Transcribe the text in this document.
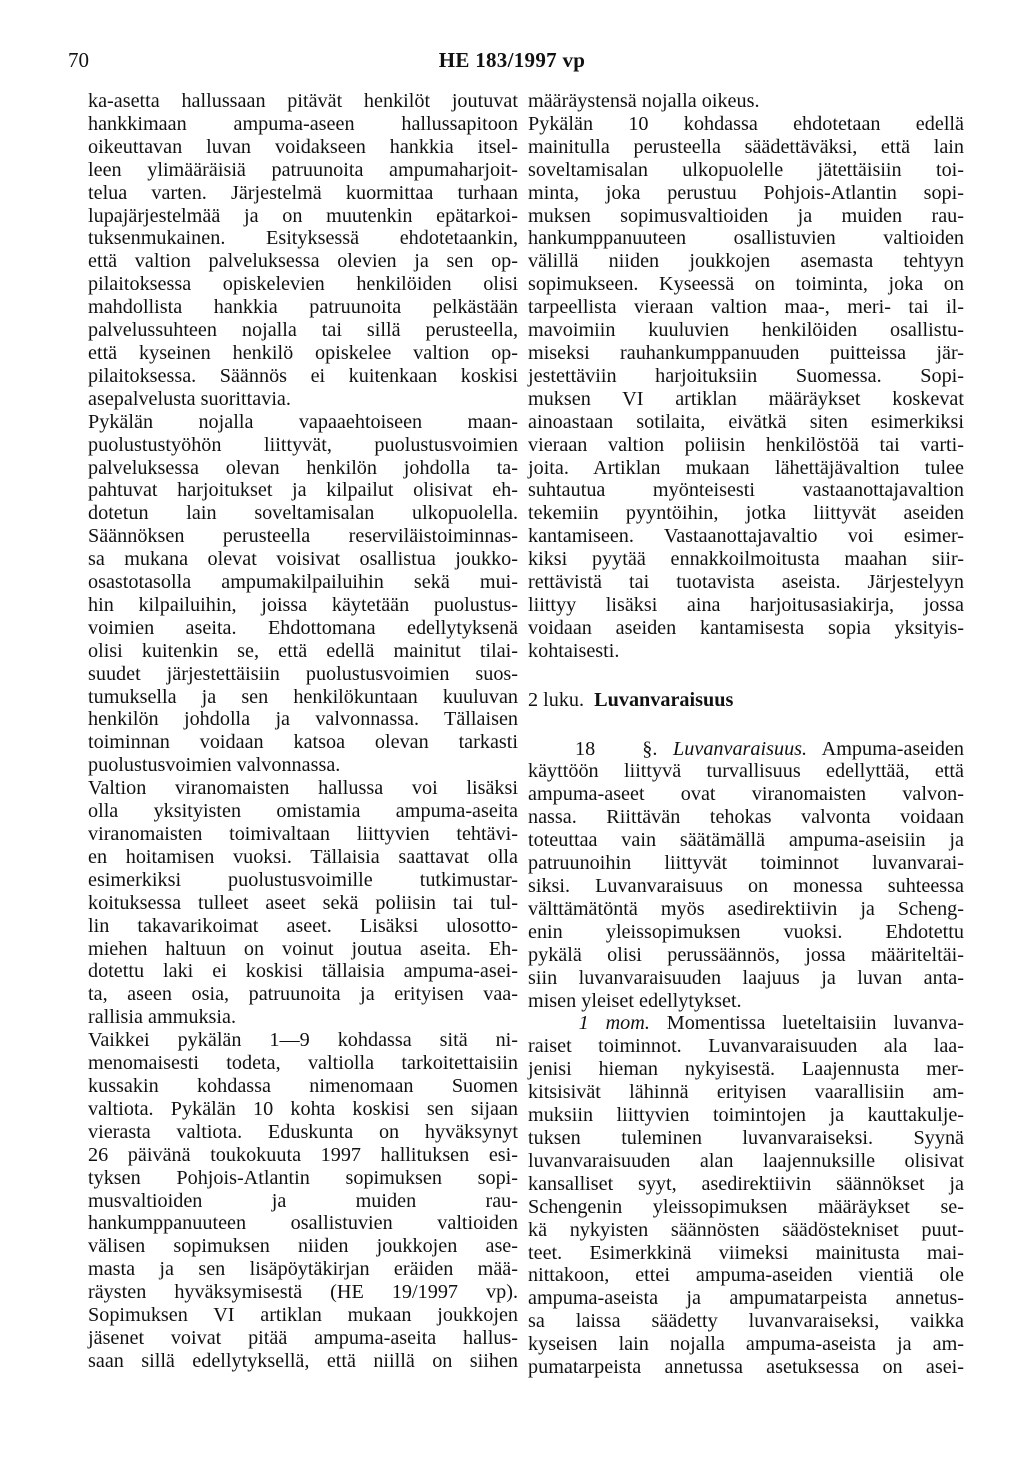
70	HE 183/1997 vp
ka-asetta hallussaan pitävät henkilöt joutuvat
hankkimaan ampuma-aseen hallussapitoon
oikeuttavan luvan voidakseen hankkia itsel-
leen ylimääräisiä patruunoita ampumaharjoit-
telua varten. Järjestelmä kuormittaa turhaan
lupajärjestelmää ja on muutenkin epätarkoi-
tuksenmukainen. Esityksessä ehdotetaankin,
että valtion palveluksessa olevien ja sen op-
pilaitoksessa opiskelevien henkilöiden olisi
mahdollista hankkia patruunoita pelkästään
palvelussuhteen nojalla tai sillä perusteella,
että kyseinen henkilö opiskelee valtion op-
pilaitoksessa. Säännös ei kuitenkaan koskisi
asepalvelusta suorittavia.
Pykälän nojalla vapaaehtoiseen maan-
puolustustyöhön liittyvät, puolustusvoimien
palveluksessa olevan henkilön johdolla ta-
pahtuvat harjoitukset ja kilpailut olisivat eh-
dotetun lain soveltamisalan ulkopuolella.
Säännöksen perusteella reserviläistoiminnas-
sa mukana olevat voisivat osallistua joukko-
osastotasolla ampumakilpailuihin sekä mui-
hin kilpailuihin, joissa käytetään puolustus-
voimien aseita. Ehdottomana edellytyksenä
olisi kuitenkin se, että edellä mainitut tilai-
suudet järjestettäisiin puolustusvoimien suos-
tumuksella ja sen henkilökuntaan kuuluvan
henkilön johdolla ja valvonnassa. Tällaisen
toiminnan voidaan katsoa olevan tarkasti
puolustusvoimien valvonnassa.
Valtion viranomaisten hallussa voi lisäksi
olla yksityisten omistamia ampuma-aseita
viranomaisten toimivaltaan liittyvien tehtävi-
en hoitamisen vuoksi. Tällaisia saattavat olla
esimerkiksi puolustusvoimille tutkimustar-
koituksessa tulleet aseet sekä poliisin tai tul-
lin takavarikoimat aseet. Lisäksi ulosotto-
miehen haltuun on voinut joutua aseita. Eh-
dotettu laki ei koskisi tällaisia ampuma-asei-
ta, aseen osia, patruunoita ja erityisen vaa-
rallisia ammuksia.
Vaikkei pykälän 1—9 kohdassa sitä ni-
menomaisesti todeta, valtiolla tarkoitettaisiin
kussakin kohdassa nimenomaan Suomen
valtiota. Pykälän 10 kohta koskisi sen sijaan
vierasta valtiota. Eduskunta on hyväksynyt
26 päivänä toukokuuta 1997 hallituksen esi-
tyksen Pohjois-Atlantin sopimuksen sopi-
musvaltioiden ja muiden rau-
hankumppanuuteen osallistuvien valtioiden
välisen sopimuksen niiden joukkojen ase-
masta ja sen lisäpöytäkirjan eräiden mää-
räysten hyväksymisestä (HE 19/1997 vp).
Sopimuksen VI artiklan mukaan joukkojen
jäsenet voivat pitää ampuma-aseita hallus-
saan sillä edellytyksellä, että niillä on siihen
määräystensä nojalla oikeus.
Pykälän 10 kohdassa ehdotetaan edellä
mainitulla perusteella säädettäväksi, että lain
soveltamisalan ulkopuolelle jätettäisiin toi-
minta, joka perustuu Pohjois-Atlantin sopi-
muksen sopimusvaltioiden ja muiden rau-
hankumppanuuteen osallistuvien valtioiden
välillä niiden joukkojen asemasta tehtyyn
sopimukseen. Kyseessä on toiminta, joka on
tarpeellista vieraan valtion maa-, meri- tai il-
mavoimiin kuuluvien henkilöiden osallistu-
miseksi rauhankumppanuuden puitteissa jär-
jestettäviin harjoituksiin Suomessa. Sopi-
muksen VI artiklan määräykset koskevat
ainoastaan sotilaita, eivätkä siten esimerkiksi
vieraan valtion poliisin henkilöstöä tai varti-
joita. Artiklan mukaan lähettäjävaltion tulee
suhtautua myönteisesti vastaanottajavaltion
tekemiin pyyntöihin, jotka liittyvät aseiden
kantamiseen. Vastaanottajavaltio voi esimer-
kiksi pyytää ennakkoilmoitusta maahan siir-
rettävistä tai tuotavista aseista. Järjestelyyn
liittyy lisäksi aina harjoitusasiakirja, jossa
voidaan aseiden kantamisesta sopia yksityis-
kohtaisesti.
2 luku. Luvanvaraisuus
18 §. Luvanvaraisuus. Ampuma-aseiden
käyttöön liittyvä turvallisuus edellyttää, että
ampuma-aseet ovat viranomaisten valvon-
nassa. Riittävän tehokas valvonta voidaan
toteuttaa vain säätämällä ampuma-aseisiin ja
patruunoihin liittyvät toiminnot luvanvarai-
siksi. Luvanvaraisuus on monessa suhteessa
välttämätöntä myös asedirektiivin ja Scheng-
enin yleissopimuksen vuoksi. Ehdotettu
pykälä olisi perussäännös, jossa määriteltäi-
siin luvanvaraisuuden laajuus ja luvan anta-
misen yleiset edellytykset.
1 mom. Momentissa lueteltaisiin luvanva-
raiset toiminnot. Luvanvaraisuuden ala laa-
jenisi hieman nykyisestä. Laajennusta mer-
kitsisivät lähinnä erityisen vaarallisiin am-
muksiin liittyvien toimintojen ja kauttakulje-
tuksen tuleminen luvanvaraiseksi. Syynä
luvanvaraisuuden alan laajennuksille olisivat
kansalliset syyt, asedirektiivin säännökset ja
Schengenin yleissopimuksen määräykset se-
kä nykyisten säännösten säädöstekniset puut-
teet. Esimerkkinä viimeksi mainitusta mai-
nittakoon, ettei ampuma-aseiden vientiä ole
ampuma-aseista ja ampumatarpeista annetus-
sa laissa säädetty luvanvaraiseksi, vaikka
kyseisen lain nojalla ampuma-aseista ja am-
pumatarpeista annetussa asetuksessa on asei-
